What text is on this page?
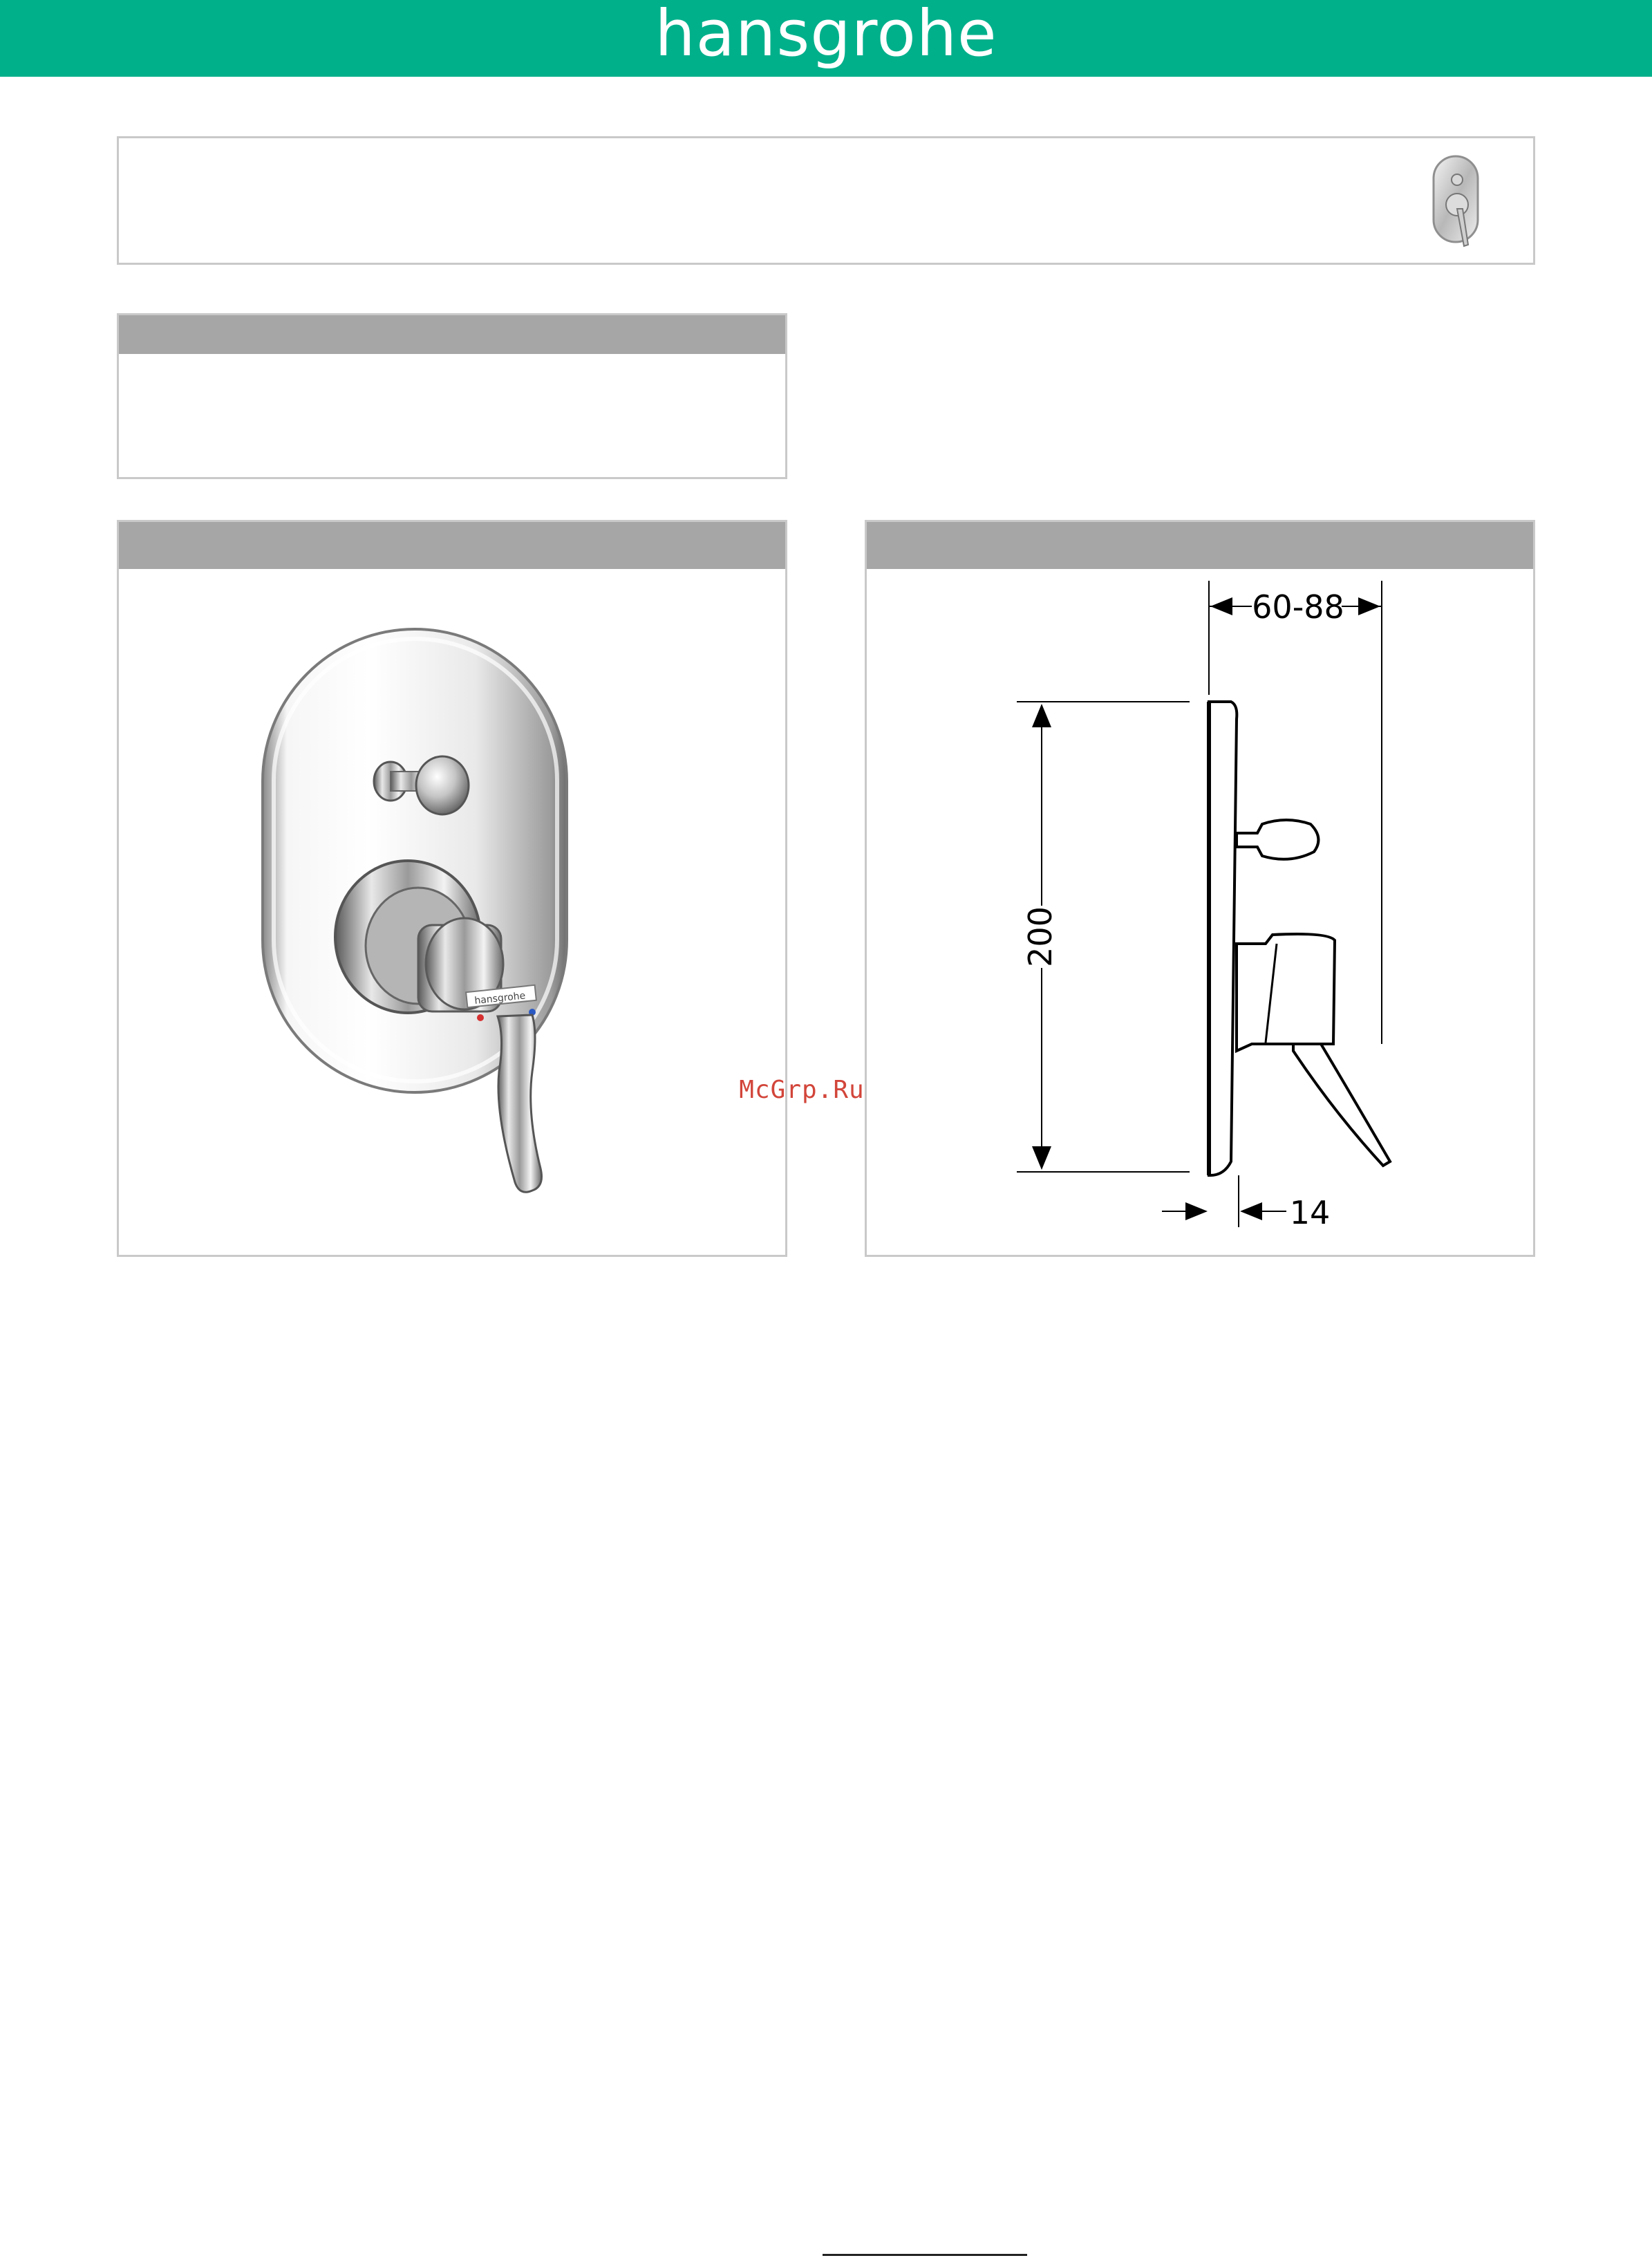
hansgrohe
hansgrohe
200
60-88
14
McGrp.Ru
